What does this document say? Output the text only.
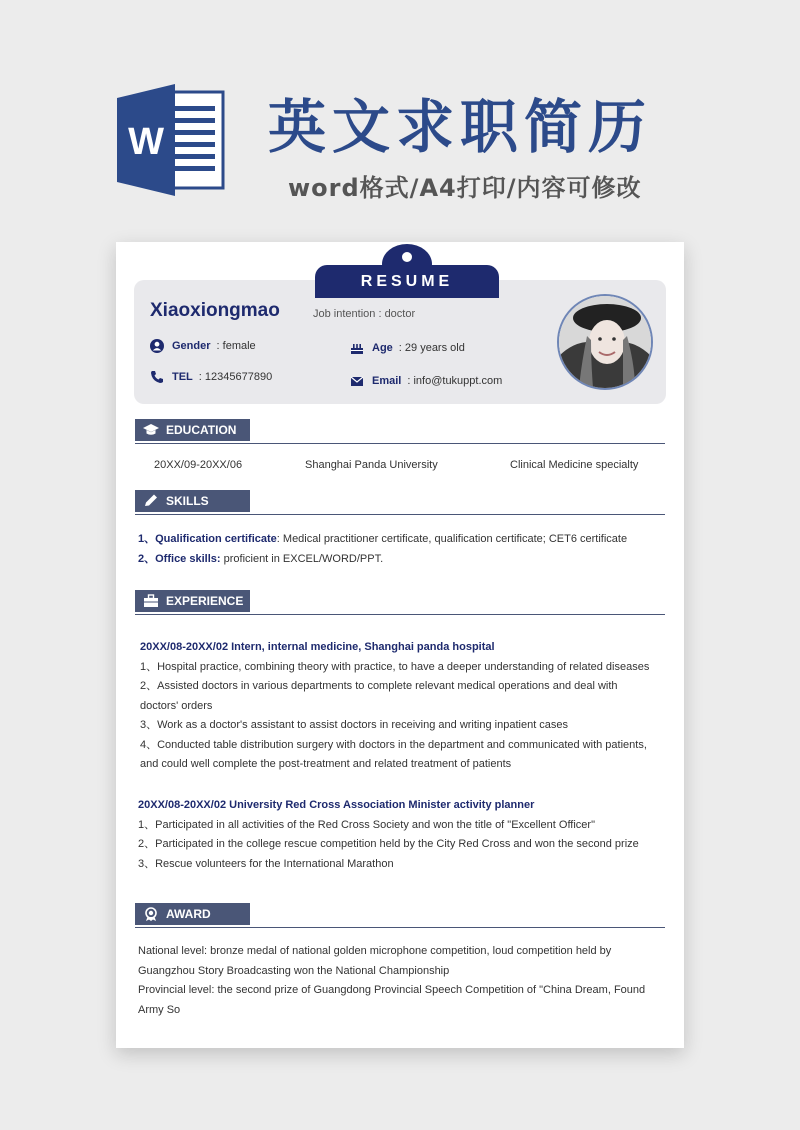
W 英文求职简历
word格式/A4打印/内容可修改
RESUME
Xiaoxiongmao	Job intention : doctor
Gender : female	Age : 29 years old
TEL : 12345677890	Email : info@tukuppt.com
EDUCATION
20XX/09-20XX/06	Shanghai Panda University	Clinical Medicine specialty
SKILLS
1、Qualification certificate: Medical practitioner certificate, qualification certificate; CET6 certificate
2、Office skills: proficient in EXCEL/WORD/PPT.
EXPERIENCE
20XX/08-20XX/02 Intern, internal medicine, Shanghai panda hospital
1、Hospital practice, combining theory with practice, to have a deeper understanding of related diseases
2、Assisted doctors in various departments to complete relevant medical operations and deal with
doctors' orders
3、Work as a doctor's assistant to assist doctors in receiving and writing inpatient cases
4、Conducted table distribution surgery with doctors in the department and communicated with patients,
and could well complete the post-treatment and related treatment of patients
20XX/08-20XX/02 University Red Cross Association Minister activity planner
1、Participated in all activities of the Red Cross Society and won the title of "Excellent Officer"
2、Participated in the college rescue competition held by the City Red Cross and won the second prize
3、Rescue volunteers for the International Marathon
AWARD
National level: bronze medal of national golden microphone competition, loud competition held by
Guangzhou Story Broadcasting won the National Championship
Provincial level: the second prize of Guangdong Provincial Speech Competition of "China Dream, Found
Army So
